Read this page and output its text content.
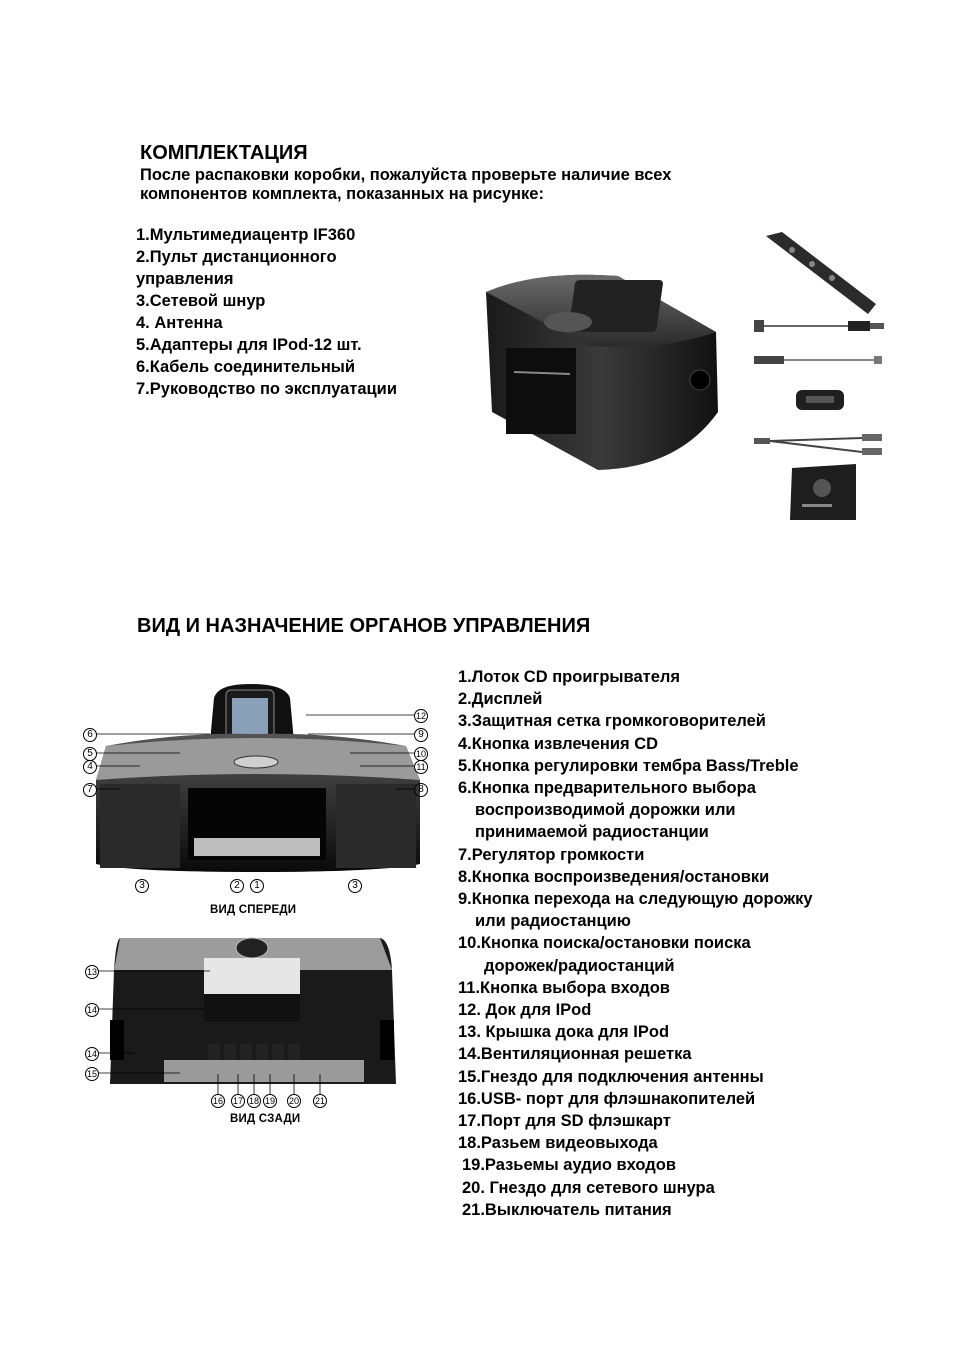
КОМПЛЕКТАЦИЯ
После распаковки коробки, пожалуйста проверьте наличие всех
компонентов комплекта, показанных на рисунке:
1.Мультимедиацентр IF360
2.Пульт дистанционного
управления
3.Сетевой шнур
4. Антенна
5.Адаптеры для IPod-12 шт.
6.Кабель соединительный
7.Руководство по эксплуатации
ВИД И НАЗНАЧЕНИЕ ОРГАНОВ УПРАВЛЕНИЯ
6
5
4
7
12
9
10
11
8
3	2	1	3
ВИД СПЕРЕДИ
13
14
14
15
16 17 18 19 20 21
ВИД СЗАДИ
1.Лоток CD проигрывателя
2.Дисплей
3.Защитная сетка громкоговорителей
4.Кнопка извлечения CD
5.Кнопка регулировки тембра Bass/Treble
6.Кнопка предварительного выбора
воспроизводимой дорожки или
принимаемой радиостанции
7.Регулятор громкости
8.Кнопка воспроизведения/остановки
9.Кнопка перехода на следующую дорожку
или радиостанцию
10.Кнопка поиска/остановки поиска
дорожек/радиостанций
11.Кнопка выбора входов
12. Док для IPod
13. Крышка дока для IPod
14.Вентиляционная решетка
15.Гнездо для подключения антенны
16.USB- порт для флэшнакопителей
17.Порт для SD флэшкарт
18.Разьем видеовыхода
19.Разьемы аудио входов
20. Гнездо для сетевого шнура
21.Выключатель питания
